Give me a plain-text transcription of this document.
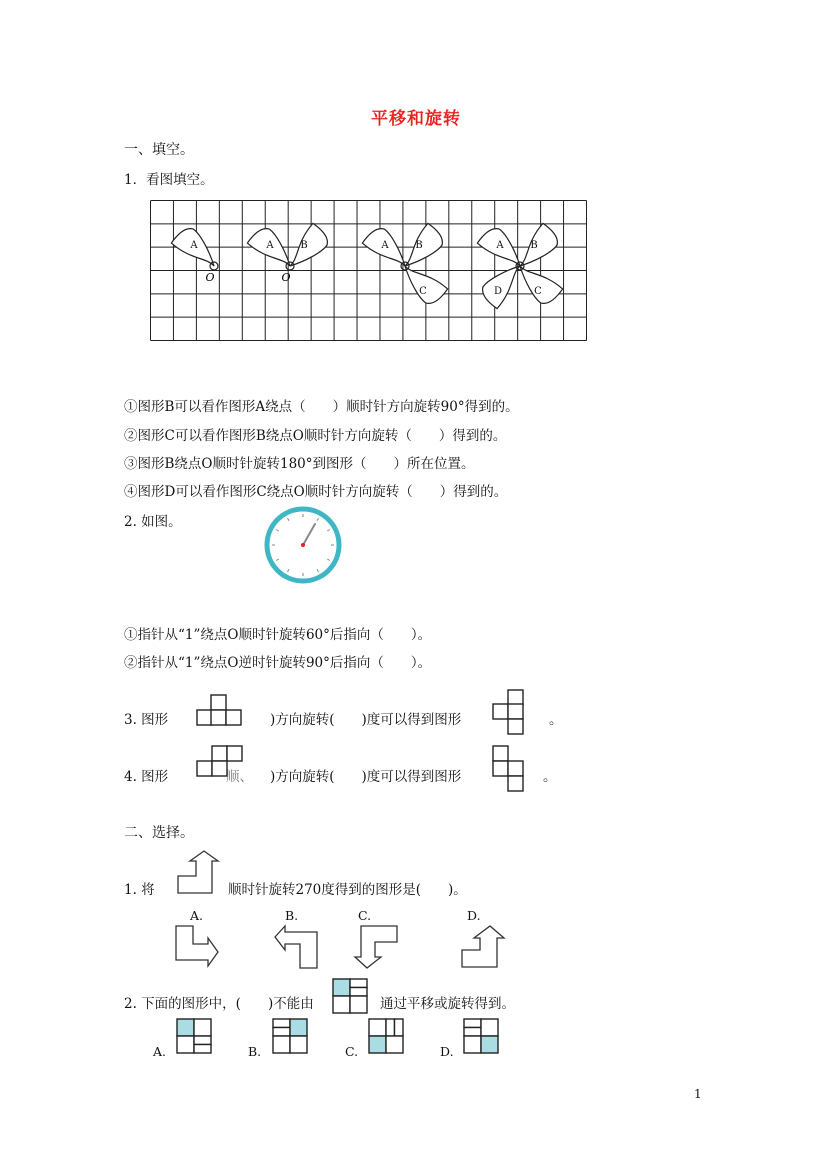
平移和旋转
一、填空。
1．看图填空。
A
O
A	B
O
A	B
C
A	B
C
D
①图形B可以看作图形A绕点（　　）顺时针方向旋转90°得到的。
②图形C可以看作图形B绕点O顺时针方向旋转（　　）得到的。
③图形B绕点O顺时针旋转180°到图形（　　）所在位置。
④图形D可以看作图形C绕点O顺时针方向旋转（　　）得到的。
2. 如图。
①指针从“1”绕点O顺时针旋转60°后指向（　　）。
②指针从“1”绕点O逆时针旋转90°后指向（　　）。
3. 图形	)方向旋转(　　)度可以得到图形	。
4. 图形	顺、 )方向旋转(　　)度可以得到图形	。
二、选择。
1. 将	顺时针旋转270度得到的图形是(　　)。
A.	B.	C.	D.
2. 下面的图形中，(　　)不能由	通过平移或旋转得到。
A.	B.	C.	D.
1
